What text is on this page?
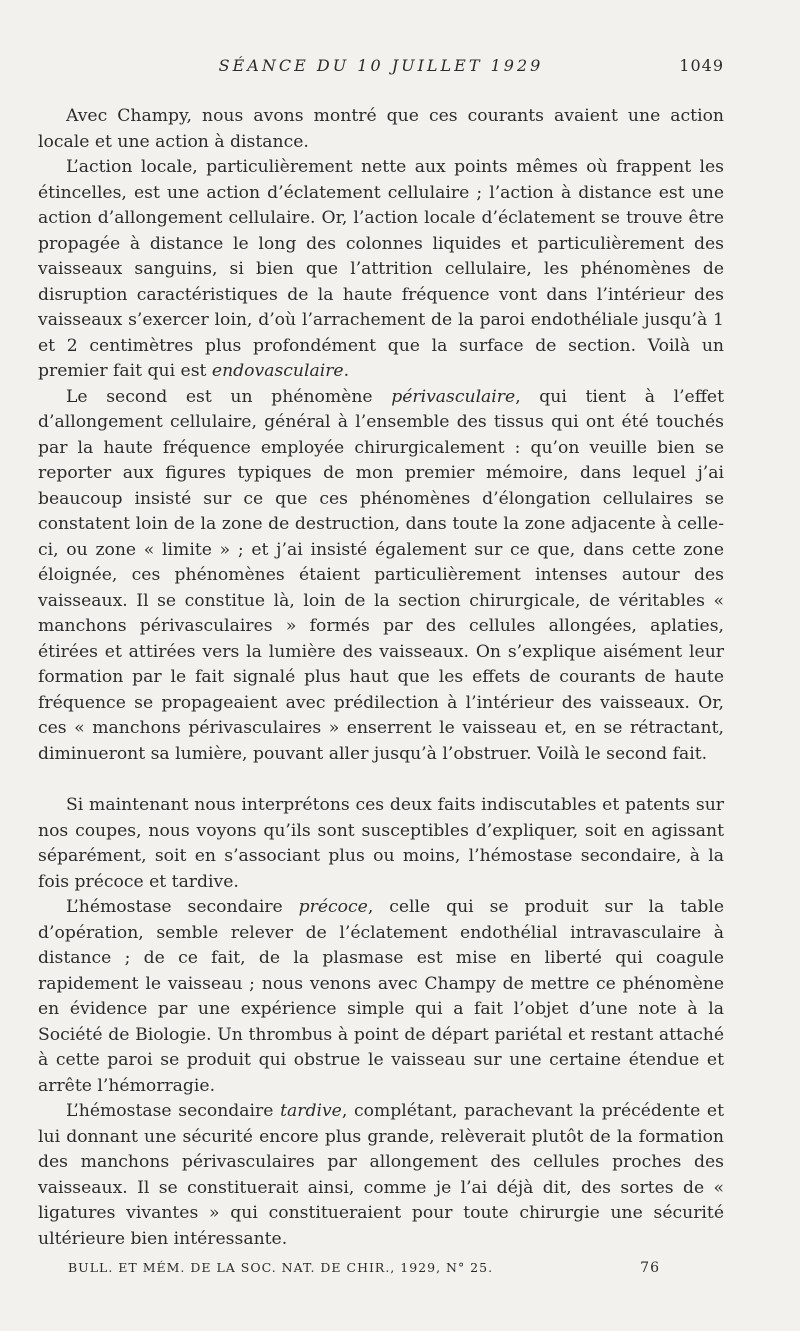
SÉANCE DU 10 JUILLET 1929	1049

Avec Champy, nous avons montré que ces courants avaient une action locale et une action à distance.

L’action locale, particulièrement nette aux points mêmes où frappent les étincelles, est une action d’éclatement cellulaire ; l’action à distance est une action d’allongement cellulaire. Or, l’action locale d’éclatement se trouve être propagée à distance le long des colonnes liquides et particulièrement des vaisseaux sanguins, si bien que l’attrition cellulaire, les phénomènes de disruption caractéristiques de la haute fréquence vont dans l’intérieur des vaisseaux s’exercer loin, d’où l’arrachement de la paroi endothéliale jusqu’à 1 et 2 centimètres plus profondément que la surface de section. Voilà un premier fait qui est endovasculaire.

Le second est un phénomène périvasculaire, qui tient à l’effet d’allongement cellulaire, général à l’ensemble des tissus qui ont été touchés par la haute fréquence employée chirurgicalement : qu’on veuille bien se reporter aux figures typiques de mon premier mémoire, dans lequel j’ai beaucoup insisté sur ce que ces phénomènes d’élongation cellulaires se constatent loin de la zone de destruction, dans toute la zone adjacente à celle-ci, ou zone « limite » ; et j’ai insisté également sur ce que, dans cette zone éloignée, ces phénomènes étaient particulièrement intenses autour des vaisseaux. Il se constitue là, loin de la section chirurgicale, de véritables « manchons périvasculaires » formés par des cellules allongées, aplaties, étirées et attirées vers la lumière des vaisseaux. On s’explique aisément leur formation par le fait signalé plus haut que les effets de courants de haute fréquence se propageaient avec prédilection à l’intérieur des vaisseaux. Or, ces « manchons périvasculaires » enserrent le vaisseau et, en se rétractant, diminueront sa lumière, pouvant aller jusqu’à l’obstruer. Voilà le second fait.

Si maintenant nous interprétons ces deux faits indiscutables et patents sur nos coupes, nous voyons qu’ils sont susceptibles d’expliquer, soit en agissant séparément, soit en s’associant plus ou moins, l’hémostase secondaire, à la fois précoce et tardive.

L’hémostase secondaire précoce, celle qui se produit sur la table d’opération, semble relever de l’éclatement endothélial intravasculaire à distance ; de ce fait, de la plasmase est mise en liberté qui coagule rapidement le vaisseau ; nous venons avec Champy de mettre ce phénomène en évidence par une expérience simple qui a fait l’objet d’une note à la Société de Biologie. Un thrombus à point de départ pariétal et restant attaché à cette paroi se produit qui obstrue le vaisseau sur une certaine étendue et arrête l’hémorragie.

L’hémostase secondaire tardive, complétant, parachevant la précédente et lui donnant une sécurité encore plus grande, relèverait plutôt de la formation des manchons périvasculaires par allongement des cellules proches des vaisseaux. Il se constituerait ainsi, comme je l’ai déjà dit, des sortes de « ligatures vivantes » qui constitueraient pour toute chirurgie une sécurité ultérieure bien intéressante.

BULL. ET MÉM. DE LA SOC. NAT. DE CHIR., 1929, N° 25.	76
